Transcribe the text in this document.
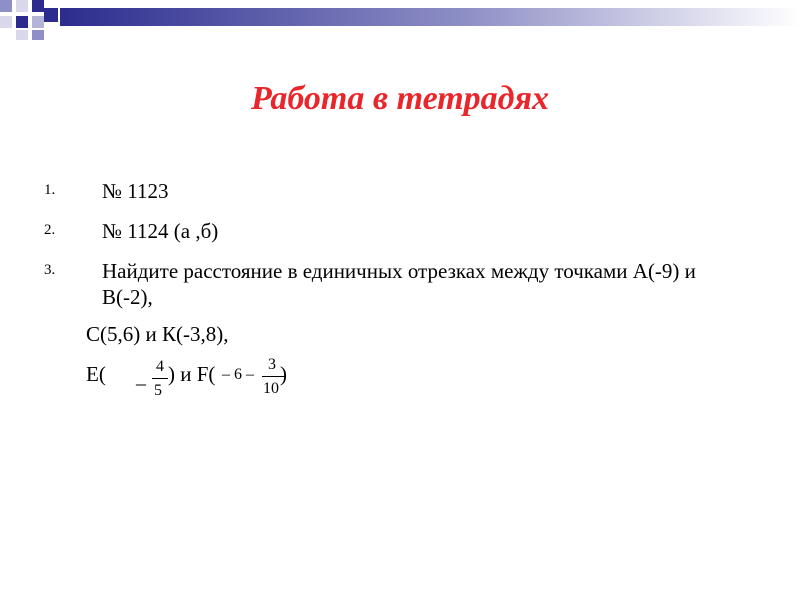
Работа в тетрадях
1. № 1123
2. № 1124 (а ,б)
3. Найдите расстояние в единичных отрезках между точками А(-9) и В(-2),
С(5,6) и К(-3,8),
Е( _ 4
5
) и F( – 6 –
3
10
)
